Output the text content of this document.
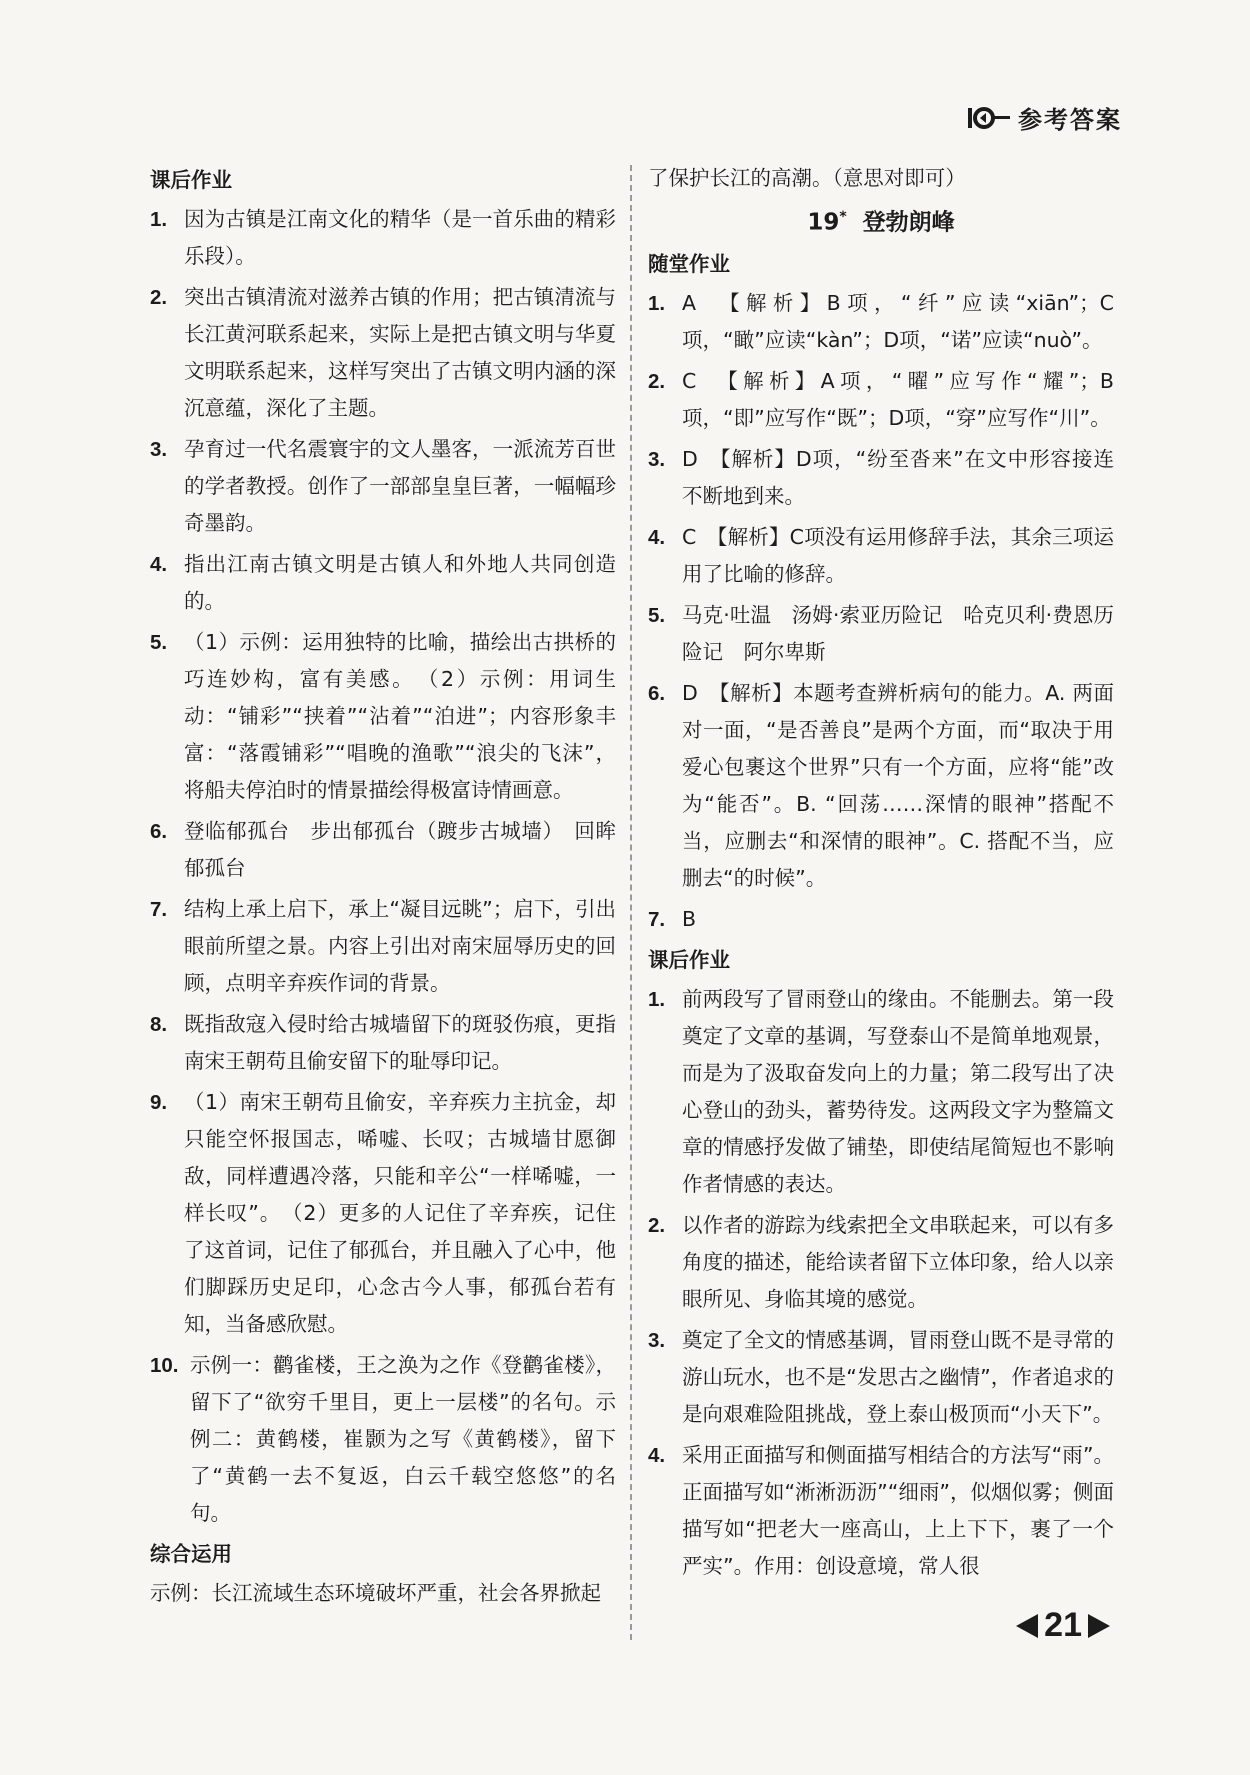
参考答案
课后作业
1. 因为古镇是江南文化的精华（是一首乐曲的精彩乐段）。
2. 突出古镇清流对滋养古镇的作用；把古镇清流与长江黄河联系起来，实际上是把古镇文明与华夏文明联系起来，这样写突出了古镇文明内涵的深沉意蕴，深化了主题。
3. 孕育过一代名震寰宇的文人墨客，一派流芳百世的学者教授。创作了一部部皇皇巨著，一幅幅珍奇墨韵。
4. 指出江南古镇文明是古镇人和外地人共同创造的。
5. （1）示例：运用独特的比喻，描绘出古拱桥的巧连妙构，富有美感。　（2）示例：用词生动：“铺彩”“挟着”“沾着”“泊进”；内容形象丰富：“落霞铺彩”“唱晚的渔歌”“浪尖的飞沫”，将船夫停泊时的情景描绘得极富诗情画意。
6. 登临郁孤台　步出郁孤台（踱步古城墙）　回眸郁孤台
7. 结构上承上启下，承上“凝目远眺”；启下，引出眼前所望之景。内容上引出对南宋屈辱历史的回顾，点明辛弃疾作词的背景。
8. 既指敌寇入侵时给古城墙留下的斑驳伤痕，更指南宋王朝苟且偷安留下的耻辱印记。
9. （1）南宋王朝苟且偷安，辛弃疾力主抗金，却只能空怀报国志，唏嘘、长叹；古城墙甘愿御敌，同样遭遇冷落，只能和辛公“一样唏嘘，一样长叹”。　（2）更多的人记住了辛弃疾，记住了这首词，记住了郁孤台，并且融入了心中，他们脚踩历史足印，心念古今人事，郁孤台若有知，当备感欣慰。
10. 示例一：鹳雀楼，王之涣为之作《登鹳雀楼》，留下了“欲穷千里目，更上一层楼”的名句。示例二：黄鹤楼，崔颢为之写《黄鹤楼》，留下了“黄鹤一去不复返，白云千载空悠悠”的名句。
综合运用
示例：长江流域生态环境破坏严重，社会各界掀起
了保护长江的高潮。（意思对即可）
19* 登勃朗峰
随堂作业
1. A　【解析】B项，“纤”应读“xiān”；C项，“瞰”应读“kàn”；D项，“诺”应读“nuò”。
2. C　【解析】A项，“曜”应写作“耀”；B项，“即”应写作“既”；D项，“穿”应写作“川”。
3. D　【解析】D项，“纷至沓来”在文中形容接连不断地到来。
4. C　【解析】C项没有运用修辞手法，其余三项运用了比喻的修辞。
5. 马克·吐温　汤姆·索亚历险记　哈克贝利·费恩历险记　阿尔卑斯
6. D　【解析】本题考查辨析病句的能力。A. 两面对一面，“是否善良”是两个方面，而“取决于用爱心包裹这个世界”只有一个方面，应将“能”改为“能否”。B. “回荡……深情的眼神”搭配不当，应删去“和深情的眼神”。C. 搭配不当，应删去“的时候”。
7. B
课后作业
1. 前两段写了冒雨登山的缘由。不能删去。第一段奠定了文章的基调，写登泰山不是简单地观景，而是为了汲取奋发向上的力量；第二段写出了决心登山的劲头，蓄势待发。这两段文字为整篇文章的情感抒发做了铺垫，即使结尾简短也不影响作者情感的表达。
2. 以作者的游踪为线索把全文串联起来，可以有多角度的描述，能给读者留下立体印象，给人以亲眼所见、身临其境的感觉。
3. 奠定了全文的情感基调，冒雨登山既不是寻常的游山玩水，也不是“发思古之幽情”，作者追求的是向艰难险阻挑战，登上泰山极顶而“小天下”。
4. 采用正面描写和侧面描写相结合的方法写“雨”。正面描写如“淅淅沥沥”“细雨”，似烟似雾；侧面描写如“把老大一座高山，上上下下，裹了一个严实”。作用：创设意境，常人很
21
